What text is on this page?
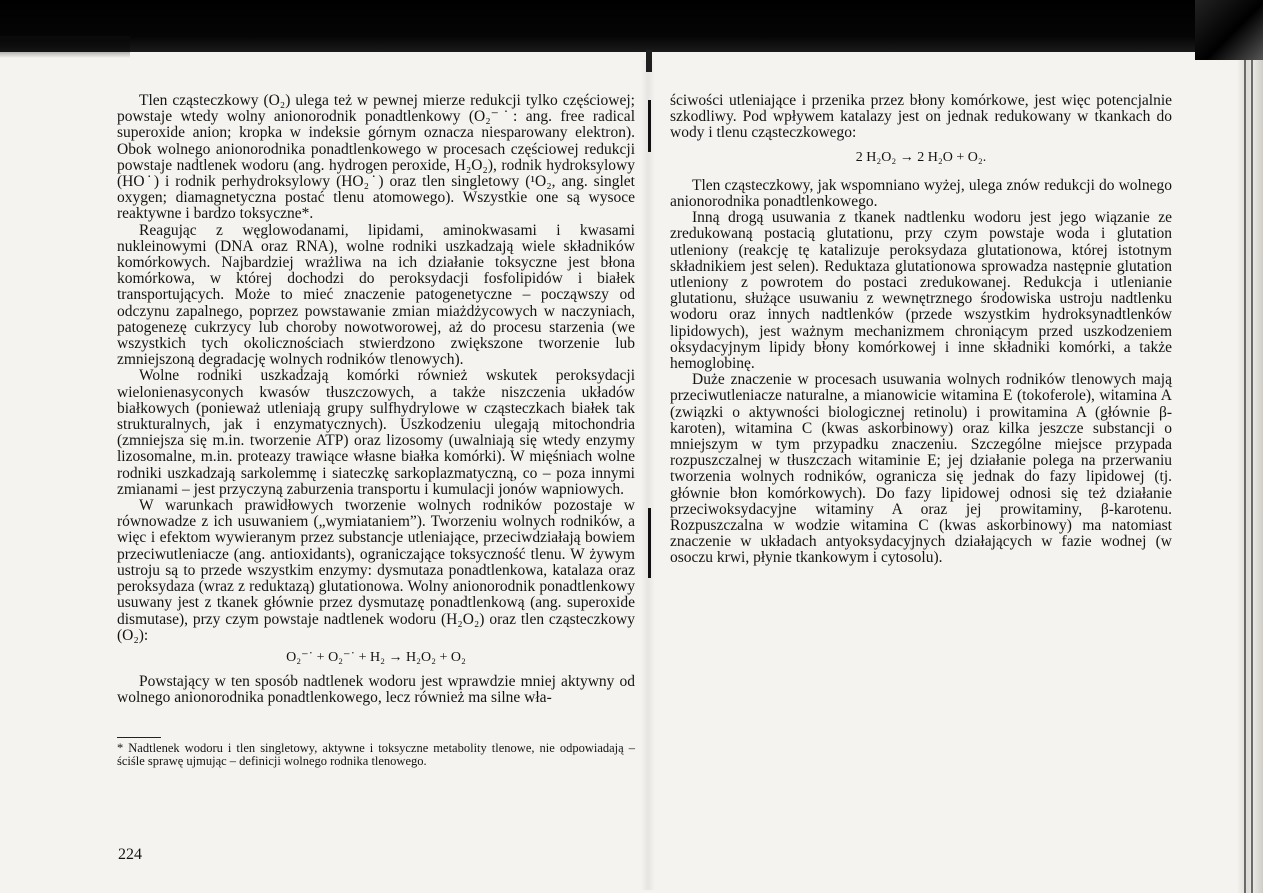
Tlen cząsteczkowy (O₂) ulega też w pewnej mierze redukcji tylko częściowej; powstaje wtedy wolny anionorodnik ponadtlenkowy (O₂⁻˙: ang. free radical superoxide anion; kropka w indeksie górnym oznacza niesparowany elektron). Obok wolnego anionorodnika ponadtlenkowego w procesach częściowej redukcji powstaje nadtlenek wodoru (ang. hydrogen peroxide, H₂O₂), rodnik hydroksylowy (HO˙) i rodnik perhydroksylowy (HO₂˙) oraz tlen singletowy (¹O₂, ang. singlet oxygen; diamagnetyczna postać tlenu atomowego). Wszystkie one są wysoce reaktywne i bardzo toksyczne*.

Reagując z węglowodanami, lipidami, aminokwasami i kwasami nukleinowymi (DNA oraz RNA), wolne rodniki uszkadzają wiele składników komórkowych. Najbardziej wrażliwa na ich działanie toksyczne jest błona komórkowa, w której dochodzi do peroksydacji fosfolipidów i białek transportujących. Może to mieć znaczenie patogenetyczne – począwszy od odczynu zapalnego, poprzez powstawanie zmian miażdżycowych w naczyniach, patogenezę cukrzycy lub choroby nowotworowej, aż do procesu starzenia (we wszystkich tych okolicznościach stwierdzono zwiększone tworzenie lub zmniejszoną degradację wolnych rodników tlenowych).

Wolne rodniki uszkadzają komórki również wskutek peroksydacji wielonienasyconych kwasów tłuszczowych, a także niszczenia układów białkowych (ponieważ utleniają grupy sulfhydrylowe w cząsteczkach białek tak strukturalnych, jak i enzymatycznych). Uszkodzeniu ulegają mitochondria (zmniejsza się m.in. tworzenie ATP) oraz lizosomy (uwalniają się wtedy enzymy lizosomalne, m.in. proteazy trawiące własne białka komórki). W mięśniach wolne rodniki uszkadzają sarkolemmę i siateczkę sarkoplazmatyczną, co – poza innymi zmianami – jest przyczyną zaburzenia transportu i kumulacji jonów wapniowych.

W warunkach prawidłowych tworzenie wolnych rodników pozostaje w równowadze z ich usuwaniem („wymiataniem”). Tworzeniu wolnych rodników, a więc i efektom wywieranym przez substancje utleniające, przeciwdziałają bowiem przeciwutleniacze (ang. antioxidants), ograniczające toksyczność tlenu. W żywym ustroju są to przede wszystkim enzymy: dysmutaza ponadtlenkowa, katalaza oraz peroksydaza (wraz z reduktazą) glutationowa. Wolny anionorodnik ponadtlenkowy usuwany jest z tkanek głównie przez dysmutazę ponadtlenkową (ang. superoxide dismutase), przy czym powstaje nadtlenek wodoru (H₂O₂) oraz tlen cząsteczkowy (O₂):

O₂⁻˙ + O₂⁻˙ + H₂ → H₂O₂ + O₂

Powstający w ten sposób nadtlenek wodoru jest wprawdzie mniej aktywny od wolnego anionorodnika ponadtlenkowego, lecz również ma silne wła-

* Nadtlenek wodoru i tlen singletowy, aktywne i toksyczne metabolity tlenowe, nie odpowiadają – ściśle sprawę ujmując – definicji wolnego rodnika tlenowego.
224

ściwości utleniające i przenika przez błony komórkowe, jest więc potencjalnie szkodliwy. Pod wpływem katalazy jest on jednak redukowany w tkankach do wody i tlenu cząsteczkowego:

2 H₂O₂ → 2 H₂O + O₂.

Tlen cząsteczkowy, jak wspomniano wyżej, ulega znów redukcji do wolnego anionorodnika ponadtlenkowego.

Inną drogą usuwania z tkanek nadtlenku wodoru jest jego wiązanie ze zredukowaną postacią glutationu, przy czym powstaje woda i glutation utleniony (reakcję tę katalizuje peroksydaza glutationowa, której istotnym składnikiem jest selen). Reduktaza glutationowa sprowadza następnie glutation utleniony z powrotem do postaci zredukowanej. Redukcja i utlenianie glutationu, służące usuwaniu z wewnętrznego środowiska ustroju nadtlenku wodoru oraz innych nadtlenków (przede wszystkim hydroksynadtlenków lipidowych), jest ważnym mechanizmem chroniącym przed uszkodzeniem oksydacyjnym lipidy błony komórkowej i inne składniki komórki, a także hemoglobinę.

Duże znaczenie w procesach usuwania wolnych rodników tlenowych mają przeciwutleniacze naturalne, a mianowicie witamina E (tokoferole), witamina A (związki o aktywności biologicznej retinolu) i prowitamina A (głównie β-karoten), witamina C (kwas askorbinowy) oraz kilka jeszcze substancji o mniejszym w tym przypadku znaczeniu. Szczególne miejsce przypada rozpuszczalnej w tłuszczach witaminie E; jej działanie polega na przerwaniu tworzenia wolnych rodników, ogranicza się jednak do fazy lipidowej (tj. głównie błon komórkowych). Do fazy lipidowej odnosi się też działanie przeciwoksydacyjne witaminy A oraz jej prowitaminy, β-karotenu. Rozpuszczalna w wodzie witamina C (kwas askorbinowy) ma natomiast znaczenie w układach antyoksydacyjnych działających w fazie wodnej (w osoczu krwi, płynie tkankowym i cytosolu).
